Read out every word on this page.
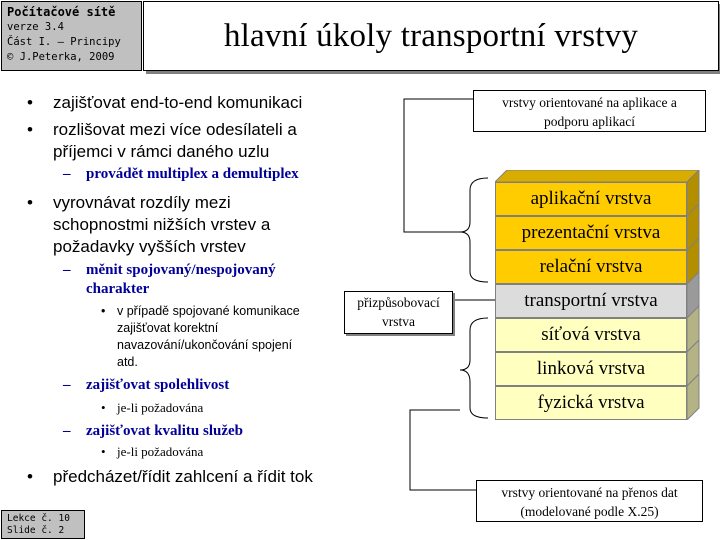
Počítačové sítě
verze 3.4
Část I. – Principy
© J.Peterka, 2009
hlavní úkoly transportní vrstvy
• zajišťovat end-to-end komunikaci
• rozlišovat mezi více odesílateli a
příjemci v rámci daného uzlu
– provádět multiplex a demultiplex
• vyrovnávat rozdíly mezi
schopnostmi nižších vrstev a
požadavky vyšších vrstev
– měnit spojovaný/nespojovaný
charakter
• v případě spojované komunikace
zajišťovat korektní
navazování/ukončování spojení
atd.
– zajišťovat spolehlivost
• je-li požadována
– zajišťovat kvalitu služeb
• je-li požadována
• předcházet/řídit zahlcení a řídit tok
aplikační vrstva
prezentační vrstva
relační vrstva
transportní vrstva
síťová vrstva
linková vrstva
fyzická vrstva
vrstvy orientované na aplikace a
podporu aplikací
přizpůsobovací
vrstva
vrstvy orientované na přenos dat
(modelované podle X.25)
Lekce č. 10
Slide č. 2
